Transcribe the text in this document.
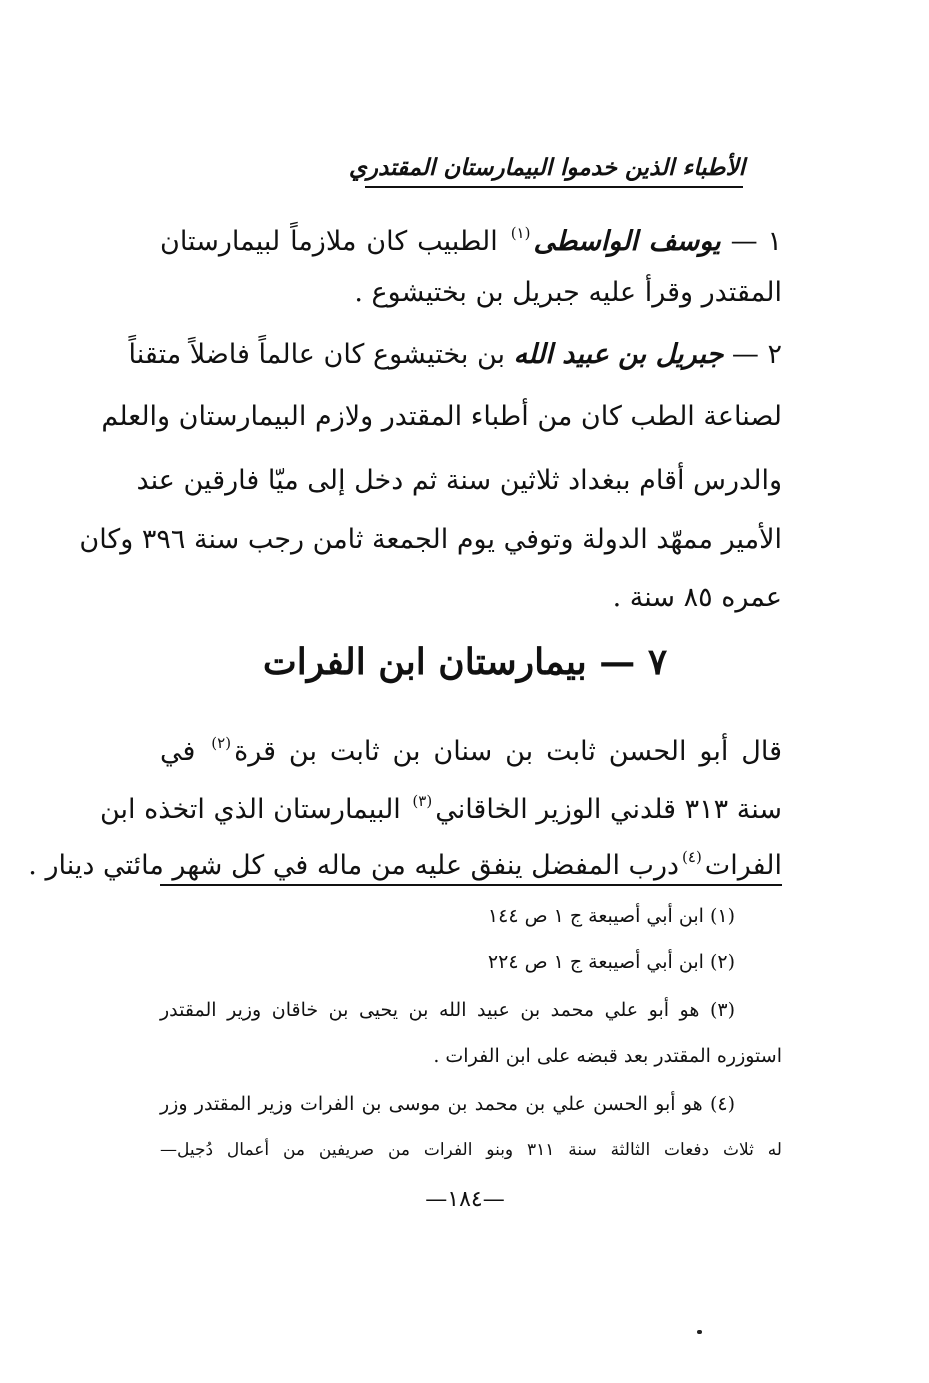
الأطباء الذين خدموا البيمارستان المقتدري
١ — يوسف الواسطى$^{(١)}$ الطبيب كان ملازماً لبيمارستان
المقتدر وقرأ عليه جبريل بن بختيشوع .
٢ — جبريل بن عبيد الله بن بختيشوع كان عالماً فاضلاً متقناً
لصناعة الطب كان من أطباء المقتدر ولازم البيمارستان والعلم
والدرس أقام ببغداد ثلاثين سنة ثم دخل إلى ميّا فارقين عند
الأمير ممهّد الدولة وتوفي يوم الجمعة ثامن رجب سنة ٣٩٦ وكان
عمره ٨٥ سنة .
٧ — بيمارستان ابن الفرات
قال أبو الحسن ثابت بن سنان بن ثابت بن قرة$^{(٢)}$ في
سنة ٣١٣ قلدني الوزير الخاقاني$^{(٣)}$ البيمارستان الذي اتخذه ابن
الفرات$^{(٤)}$درب المفضل ينفق عليه من ماله في كل شهر مائتي دينار .
(١) ابن أبي أصيبعة ج ١ ص ١٤٤
(٢) ابن أبي أصيبعة ج ١ ص ٢٢٤
(٣) هو أبو علي محمد بن عبيد الله بن يحيى بن خاقان وزير المقتدر
استوزره المقتدر بعد قبضه على ابن الفرات .
(٤) هو أبو الحسن علي بن محمد بن موسى بن الفرات وزير المقتدر وزر
له ثلاث دفعات الثالثة سنة ٣١١ وبنو الفرات من صريفين من أعمال دُجيل—
—١٨٤—
